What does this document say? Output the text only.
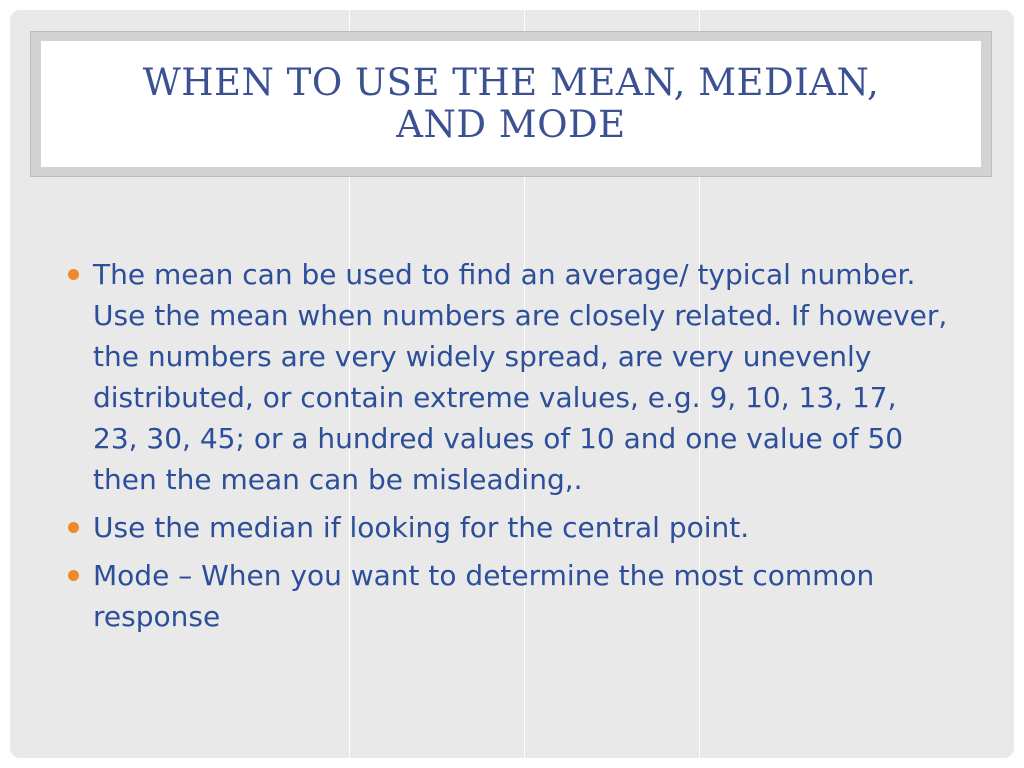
WHEN TO USE THE MEAN, MEDIAN,
AND MODE
The mean can be used to find an average/ typical number. Use the mean when numbers are closely related. If however, the numbers are very widely spread, are very unevenly distributed, or contain extreme values, e.g. 9, 10, 13, 17, 23, 30, 45; or a hundred values of 10 and one value of 50 then the mean can be misleading,.
Use the median if looking for the central point.
Mode – When you want to determine the most common response
